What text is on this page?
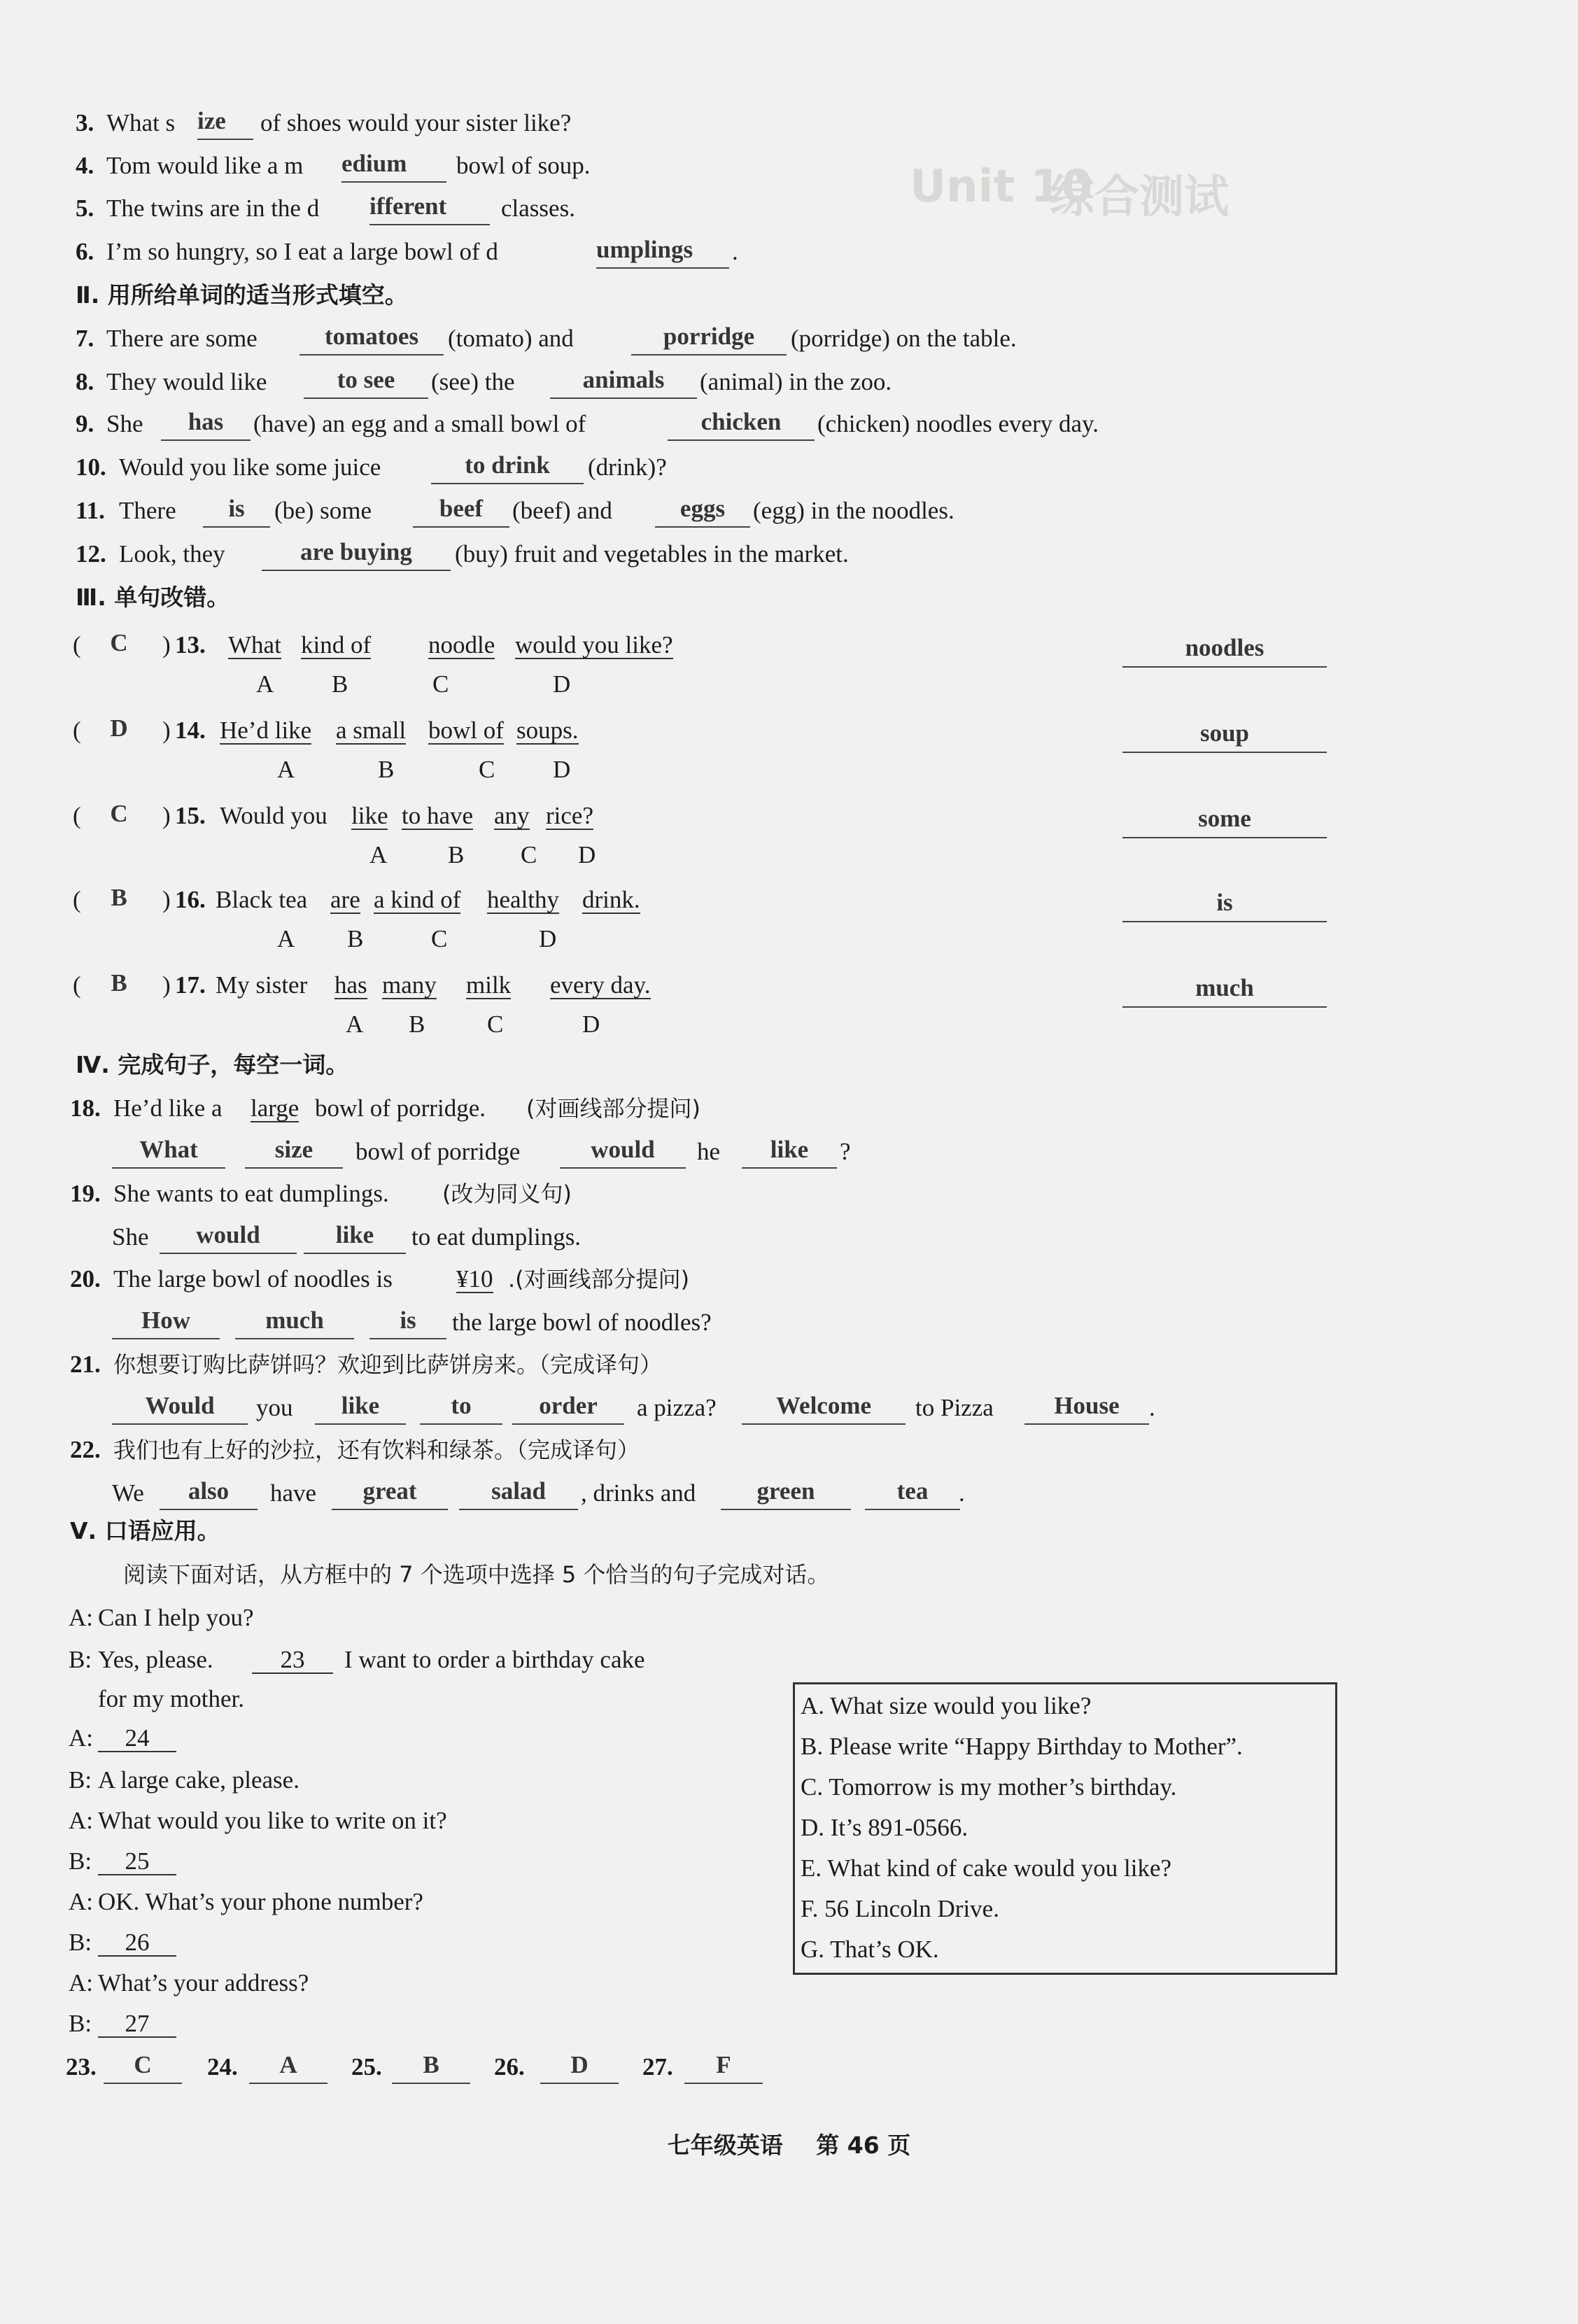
Unit 10
综合测试
3. What s ize	of shoes would your sister like?
4. Tom would like a m edium	bowl of soup.
5. The twins are in the d ifferent	classes.
6. I’m so hungry, so I eat a large bowl of d	umplings	.
Ⅱ. 用所给单词的适当形式填空。
7. There are some	tomatoes	(tomato) and	porridge	(porridge) on the table.
8. They would like	to see	(see) the	animals	(animal) in the zoo.
9. She	has	(have) an egg and a small bowl of	chicken	(chicken) noodles every day.
10. Would you like some juice	to drink	(drink)?
11. There	is	(be) some	beef	(beef) and	eggs	(egg) in the noodles.
12. Look, they	are buying	(buy) fruit and vegetables in the market.
Ⅲ. 单句改错。
( C ) 13. What kind of noodle would you like?
A B	C	D
noodles
( D ) 14. He’d like a small bowl of soups.
A	B	C D
soup
( C ) 15. Would you like to have any rice?
A B C D
some
( B ) 16. Black tea are a kind of healthy drink.
A B	C	D
is
( B ) 17. My sister has many milk every day.
A B	C	D
much
Ⅳ. 完成句子，每空一词。
18. He’d like a large bowl of porridge. (对画线部分提问)
What	size	bowl of porridge	would	he	like	?
19. She wants to eat dumplings. (改为同义句)
She	would	like	to eat dumplings.
20. The large bowl of noodles is	¥10 .(对画线部分提问)
How	much	is	the large bowl of noodles?
21. 你想要订购比萨饼吗？欢迎到比萨饼房来。（完成译句）
Would	you	like	to	order	a pizza?	Welcome	to Pizza	House	.
22. 我们也有上好的沙拉，还有饮料和绿茶。（完成译句）
We	also	have	great	salad	, drinks and	green	tea	.
Ⅴ. 口语应用。
阅读下面对话，从方框中的 7 个选项中选择 5 个恰当的句子完成对话。
A: Can I help you?
B: Yes, please.	23	I want to order a birthday cake
for my mother.
A:	24
B: A large cake, please.
A: What would you like to write on it?
B:	25
A: OK. What’s your phone number?
B:	26
A: What’s your address?
B:	27
A. What size would you like?
B. Please write “Happy Birthday to Mother”.
C. Tomorrow is my mother’s birthday.
D. It’s 891-0566.
E. What kind of cake would you like?
F. 56 Lincoln Drive.
G. That’s OK.
23.	C	24.	A	25.	B	26.	D	27.	F
七年级英语 第 46 页
